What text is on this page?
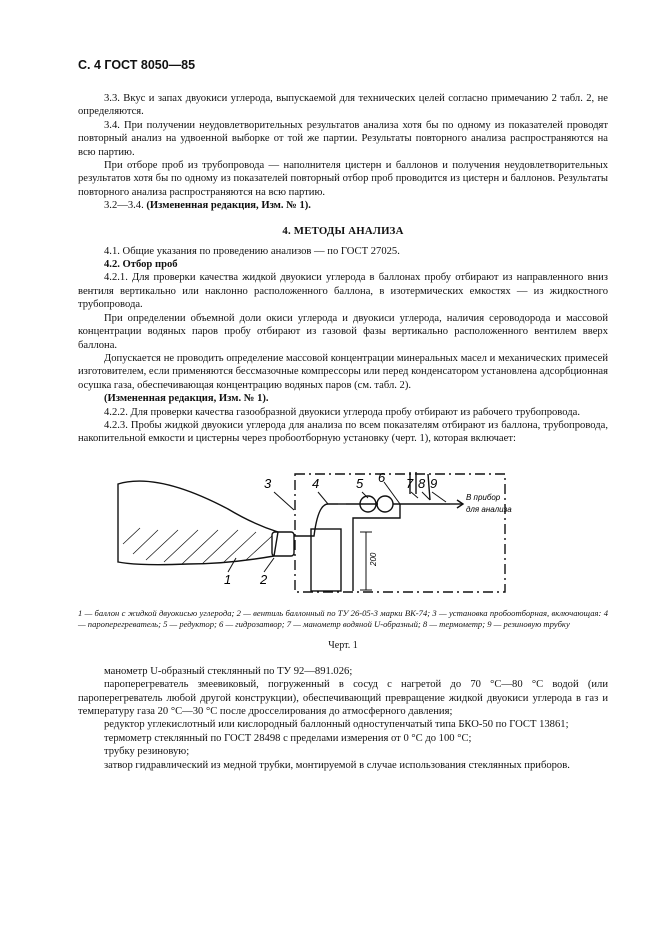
С. 4 ГОСТ 8050—85

3.3. Вкус и запах двуокиси углерода, выпускаемой для технических целей согласно примечанию 2 табл. 2, не определяются.

3.4. При получении неудовлетворительных результатов анализа хотя бы по одному из показателей проводят повторный анализ на удвоенной выборке от той же партии. Результаты повторного анализа распространяются на всю партию.

При отборе проб из трубопровода — наполнителя цистерн и баллонов и получения неудовлетворительных результатов хотя бы по одному из показателей повторный отбор проб проводится из цистерн и баллонов. Результаты повторного анализа распространяются на всю партию.

3.2—3.4. (Измененная редакция, Изм. № 1).

4. МЕТОДЫ АНАЛИЗА

4.1. Общие указания по проведению анализов — по ГОСТ 27025.

4.2. Отбор проб

4.2.1. Для проверки качества жидкой двуокиси углерода в баллонах пробу отбирают из направленного вниз вентиля вертикально или наклонно расположенного баллона, в изотермических емкостях — из жидкостного трубопровода.

При определении объемной доли окиси углерода и двуокиси углерода, наличия сероводорода и массовой концентрации водяных паров пробу отбирают из газовой фазы вертикально расположенного вентилем вверх баллона.

Допускается не проводить определение массовой концентрации минеральных масел и механических примесей изготовителем, если применяются бессмазочные компрессоры или перед конденсатором установлена адсорбционная осушка газа, обеспечивающая концентрацию водяных паров (см. табл. 2).

(Измененная редакция, Изм. № 1).

4.2.2. Для проверки качества газообразной двуокиси углерода пробу отбирают из рабочего трубопровода.

4.2.3. Пробы жидкой двуокиси углерода для анализа по всем показателям отбирают из баллона, трубопровода, накопительной емкости и цистерны через пробоотборную установку (черт. 1), которая включает:

3	4	5 6 7 8 9
1 2
В прибор
для анализа
200

1 — баллон с жидкой двуокисью углерода; 2 — вентиль баллонный по ТУ 26-05-3 марки ВК-74; 3 — установка пробоотборная, включающая: 4 — пароперегреватель; 5 — редуктор; 6 — гидрозатвор; 7 — манометр водяной U-образный; 8 — термометр; 9 — резиновую трубку

Черт. 1

манометр U-образный стеклянный по ТУ 92—891.026;

пароперегреватель змеевиковый, погруженный в сосуд с нагретой до 70 °С—80 °С водой (или пароперегреватель любой другой конструкции), обеспечивающий превращение жидкой двуокиси углерода в газ и температуру газа 20 °С—30 °С после дросселирования до атмосферного давления;

редуктор углекислотный или кислородный баллонный одноступенчатый типа БКО-50 по ГОСТ 13861;

термометр стеклянный по ГОСТ 28498 с пределами измерения от 0 °С до 100 °С;

трубку резиновую;

затвор гидравлический из медной трубки, монтируемой в случае использования стеклянных приборов.
